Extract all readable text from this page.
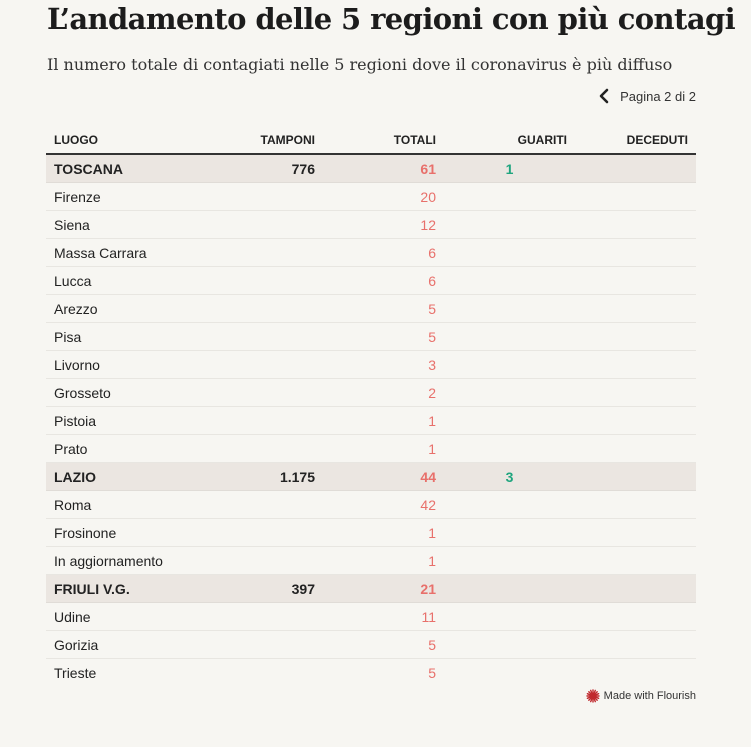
L’andamento delle 5 regioni con più contagi

Il numero totale di contagiati nelle 5 regioni dove il coronavirus è più diffuso

Pagina 2 di 2
LUOGO	TAMPONI	TOTALI	GUARITI	DECEDUTI
TOSCANA	776	61	1	
Firenze		20		
Siena		12		
Massa Carrara		6		
Lucca		6		
Arezzo		5		
Pisa		5		
Livorno		3		
Grosseto		2		
Pistoia		1		
Prato		1		
LAZIO	1.175	44	3	
Roma		42		
Frosinone		1		
In aggiornamento		1		
FRIULI V.G.	397	21		
Udine		11		
Gorizia		5		
Trieste		5		
Made with Flourish
